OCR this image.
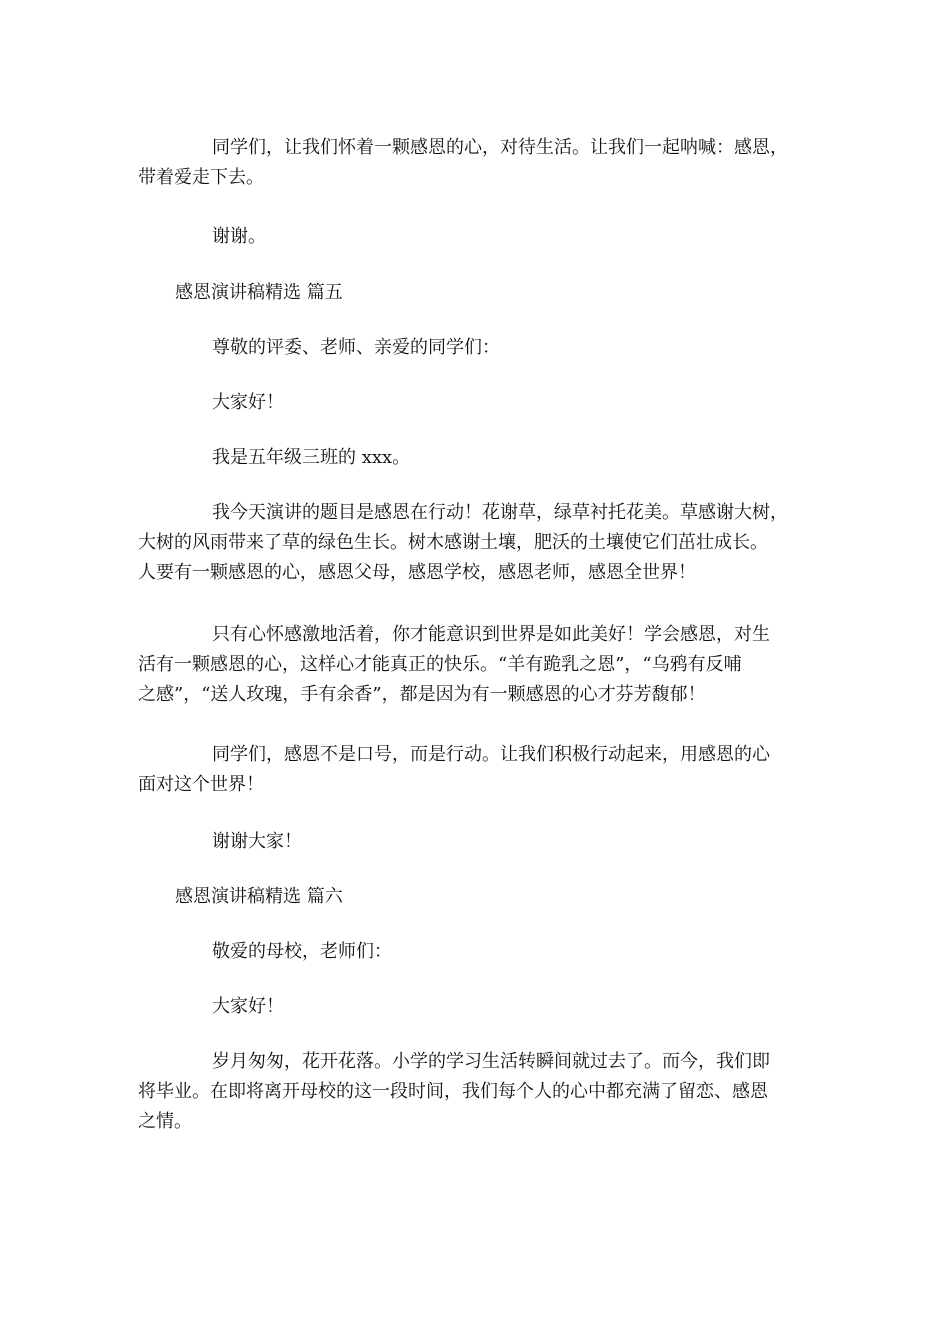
同学们，让我们怀着一颗感恩的心，对待生活。让我们一起呐喊：感恩，
带着爱走下去。

谢谢。

感恩演讲稿精选 篇五

尊敬的评委、老师、亲爱的同学们：

大家好！

我是五年级三班的 xxx。

我今天演讲的题目是感恩在行动！花谢草，绿草衬托花美。草感谢大树，
大树的风雨带来了草的绿色生长。树木感谢土壤，肥沃的土壤使它们茁壮成长。
人要有一颗感恩的心，感恩父母，感恩学校，感恩老师，感恩全世界！
只有心怀感激地活着，你才能意识到世界是如此美好！学会感恩，对生
活有一颗感恩的心，这样心才能真正的快乐。“羊有跪乳之恩”，“乌鸦有反哺
之感”，“送人玫瑰，手有余香”，都是因为有一颗感恩的心才芬芳馥郁！
同学们，感恩不是口号，而是行动。让我们积极行动起来，用感恩的心
面对这个世界！

谢谢大家！

感恩演讲稿精选 篇六

敬爱的母校，老师们：

大家好！

岁月匆匆，花开花落。小学的学习生活转瞬间就过去了。而今，我们即
将毕业。在即将离开母校的这一段时间，我们每个人的心中都充满了留恋、感恩
之情。
